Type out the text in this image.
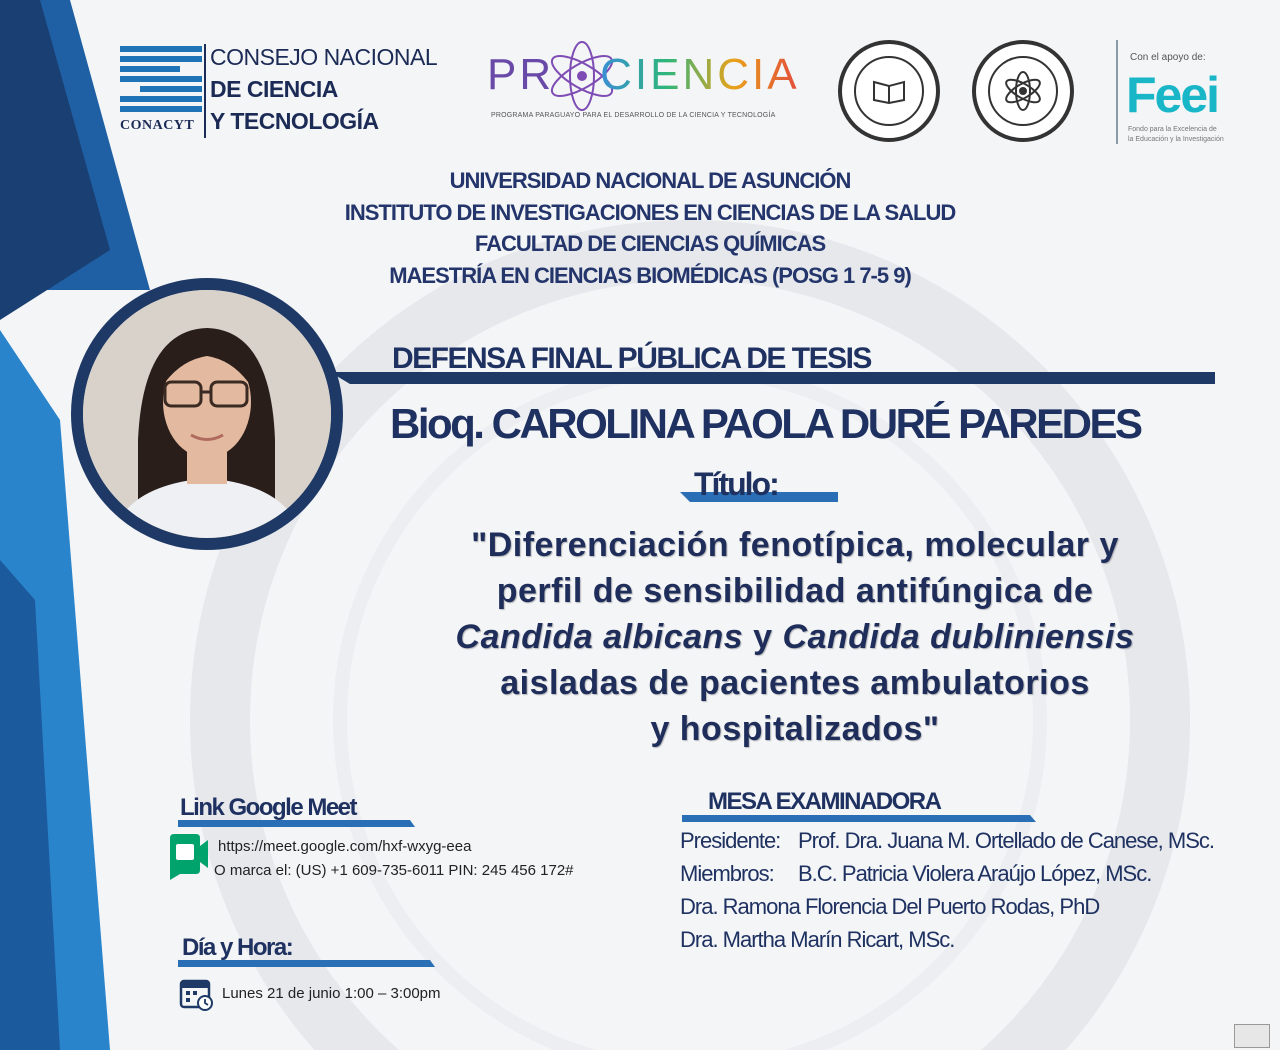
CONACYT
CONSEJO NACIONAL
DE CIENCIA
Y TECNOLOGÍA
PR CIENCIA
PROGRAMA PARAGUAYO PARA EL DESARROLLO DE LA CIENCIA Y TECNOLOGÍA
Con el apoyo de:
Feei
Fondo para la Excelencia de
la Educación y la Investigación
UNIVERSIDAD NACIONAL DE ASUNCIÓN
INSTITUTO DE INVESTIGACIONES EN CIENCIAS DE LA SALUD
FACULTAD DE CIENCIAS QUÍMICAS
MAESTRÍA EN CIENCIAS BIOMÉDICAS (POSG 1 7-5 9)
DEFENSA FINAL PÚBLICA DE TESIS
Bioq. CAROLINA PAOLA DURÉ PAREDES
Título:
"Diferenciación fenotípica, molecular y
perfil de sensibilidad antifúngica de
Candida albicans y Candida dubliniensis
aisladas de pacientes ambulatorios
y hospitalizados"
Link Google Meet
https://meet.google.com/hxf-wxyg-eea
O marca el: (US) +1 609-735-6011 PIN: 245 456 172#
Día y Hora:
Lunes 21 de junio 1:00 – 3:00pm
MESA EXAMINADORA
Presidente: Prof. Dra. Juana M. Ortellado de Canese, MSc.
Miembros: B.C. Patricia Violera Araújo López, MSc.
Dra. Ramona Florencia Del Puerto Rodas, PhD
Dra. Martha Marín Ricart, MSc.
